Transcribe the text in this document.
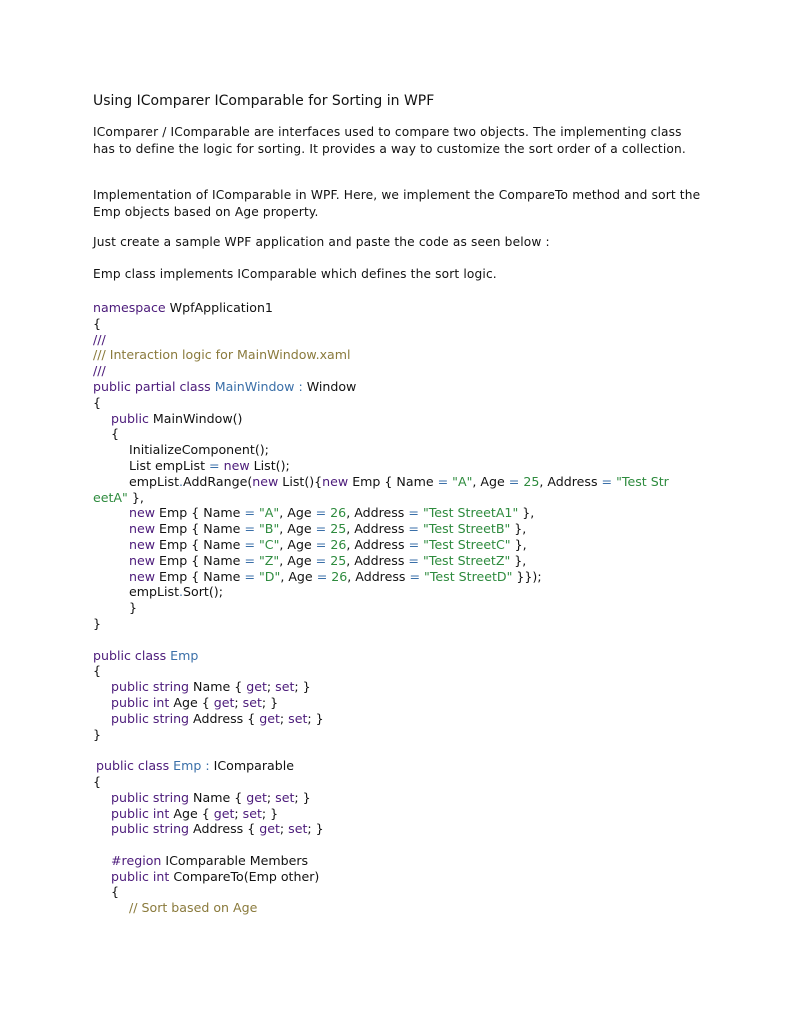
Using IComparer IComparable for Sorting in WPF
IComparer / IComparable are interfaces used to compare two objects. The implementing class has to define the logic for sorting. It provides a way to customize the sort order of a collection.
Implementation of IComparable in WPF. Here, we implement the CompareTo method and sort the Emp objects based on Age property.
Just create a sample WPF application and paste the code as seen below :
Emp class implements IComparable which defines the sort logic.
namespace WpfApplication1
{
///
/// Interaction logic for MainWindow.xaml
///
public partial class MainWindow : Window
{
public MainWindow()
{
InitializeComponent();
List empList = new List();
empList.AddRange(new List(){new Emp { Name = "A", Age = 25, Address = "Test Str
eetA" },
new Emp { Name = "A", Age = 26, Address = "Test StreetA1" },
new Emp { Name = "B", Age = 25, Address = "Test StreetB" },
new Emp { Name = "C", Age = 26, Address = "Test StreetC" },
new Emp { Name = "Z", Age = 25, Address = "Test StreetZ" },
new Emp { Name = "D", Age = 26, Address = "Test StreetD" }});
empList.Sort();
}
}
public class Emp
{
public string Name { get; set; }
public int Age { get; set; }
public string Address { get; set; }
}
public class Emp : IComparable
{
public string Name { get; set; }
public int Age { get; set; }
public string Address { get; set; }
#region IComparable Members
public int CompareTo(Emp other)
{
// Sort based on Age
